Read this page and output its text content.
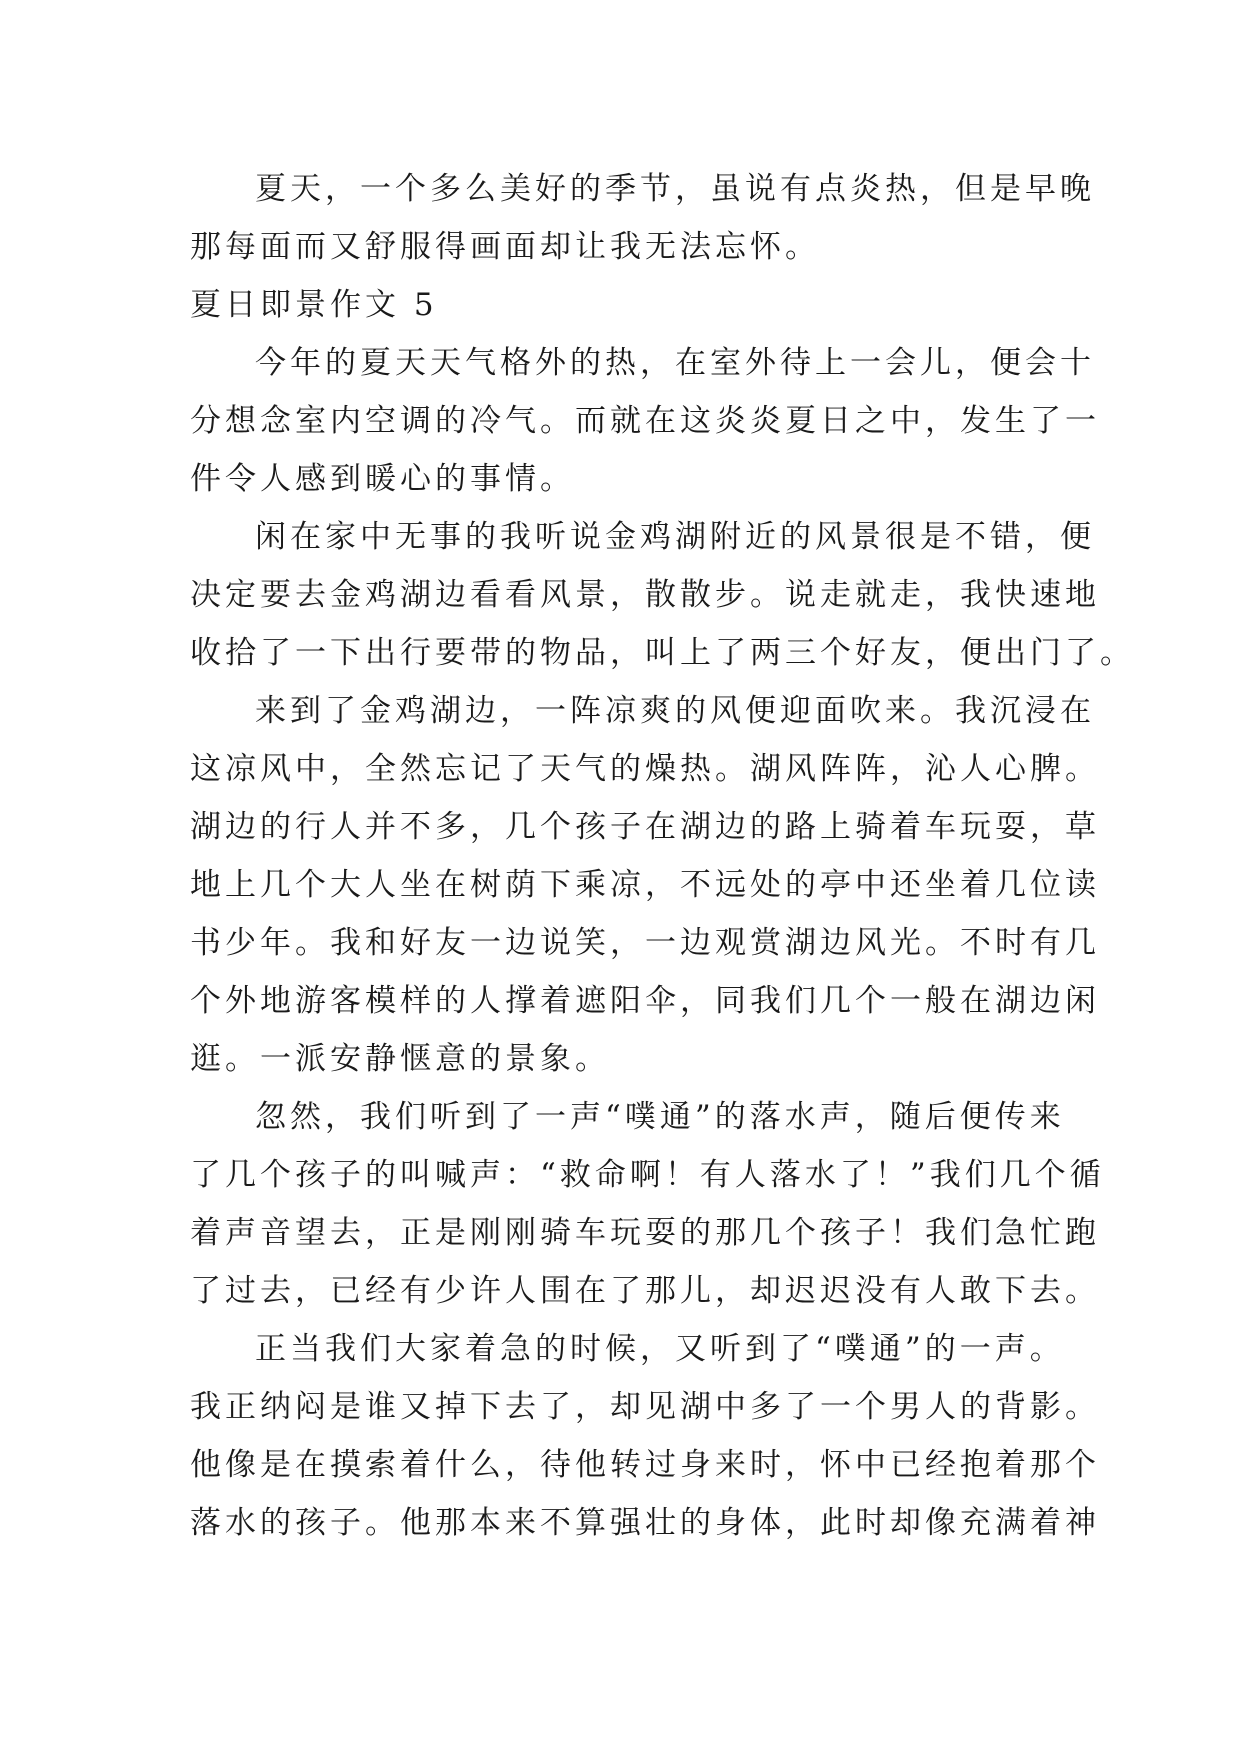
夏天，一个多么美好的季节，虽说有点炎热，但是早晚
那每面而又舒服得画面却让我无法忘怀。
夏日即景作文 5
今年的夏天天气格外的热，在室外待上一会儿，便会十
分想念室内空调的冷气。而就在这炎炎夏日之中，发生了一
件令人感到暖心的事情。
闲在家中无事的我听说金鸡湖附近的风景很是不错，便
决定要去金鸡湖边看看风景，散散步。说走就走，我快速地
收拾了一下出行要带的物品，叫上了两三个好友，便出门了。
来到了金鸡湖边，一阵凉爽的风便迎面吹来。我沉浸在
这凉风中，全然忘记了天气的燥热。湖风阵阵，沁人心脾。
湖边的行人并不多，几个孩子在湖边的路上骑着车玩耍，草
地上几个大人坐在树荫下乘凉，不远处的亭中还坐着几位读
书少年。我和好友一边说笑，一边观赏湖边风光。不时有几
个外地游客模样的人撑着遮阳伞，同我们几个一般在湖边闲
逛。一派安静惬意的景象。
忽然，我们听到了一声“噗通”的落水声，随后便传来
了几个孩子的叫喊声：“救命啊！有人落水了！”我们几个循
着声音望去，正是刚刚骑车玩耍的那几个孩子！我们急忙跑
了过去，已经有少许人围在了那儿，却迟迟没有人敢下去。
正当我们大家着急的时候，又听到了“噗通”的一声。
我正纳闷是谁又掉下去了，却见湖中多了一个男人的背影。
他像是在摸索着什么，待他转过身来时，怀中已经抱着那个
落水的孩子。他那本来不算强壮的身体，此时却像充满着神
